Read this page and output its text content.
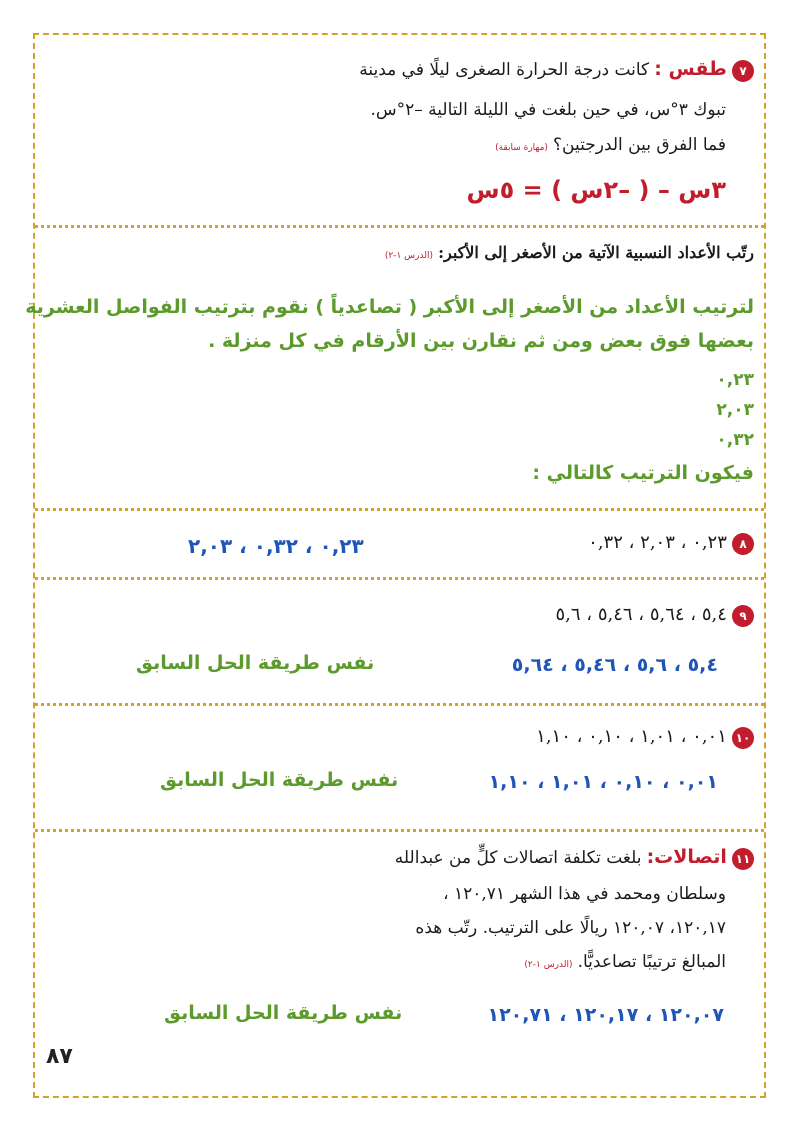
٧ طقس : كانت درجة الحرارة الصغرى ليلًا في مدينة
تبوك ٣°س، في حين بلغت في الليلة التالية –٢°س.
فما الفرق بين الدرجتين؟ (مهارة سابقة)
٣س – ( –٢س ) = ٥س
رتّب الأعداد النسبية الآتية من الأصغر إلى الأكبر: (الدرس ١-٢)
لترتيب الأعداد من الأصغر إلى الأكبر ( تصاعدياً ) نقوم بترتيب الفواصل العشرية
بعضها فوق بعض ومن ثم نقارن بين الأرقام في كل منزلة .
٠,٢٣
٢,٠٣
٠,٣٢
فيكون الترتيب كالتالي :
٨ ٠,٢٣ ، ٢,٠٣ ، ٠,٣٢
٠,٢٣ ، ٠,٣٢ ، ٢,٠٣
٩ ٥,٤ ، ٥,٦٤ ، ٥,٤٦ ، ٥,٦
٥,٤ ، ٥,٦ ، ٥,٤٦ ، ٥,٦٤
نفس طريقة الحل السابق
١٠ ٠,٠١ ، ١,٠١ ، ٠,١٠ ، ١,١٠
٠,٠١ ، ٠,١٠ ، ١,٠١ ، ١,١٠
نفس طريقة الحل السابق
١١ اتصالات: بلغت تكلفة اتصالات كلٍّ من عبدالله
وسلطان ومحمد في هذا الشهر ١٢٠,٧١ ،
١٢٠,١٧، ١٢٠,٠٧ ريالًا على الترتيب. رتّب هذه
المبالغ ترتيبًا تصاعديًّا. (الدرس ١-٢)
١٢٠,٠٧ ، ١٢٠,١٧ ، ١٢٠,٧١
نفس طريقة الحل السابق
٨٧
